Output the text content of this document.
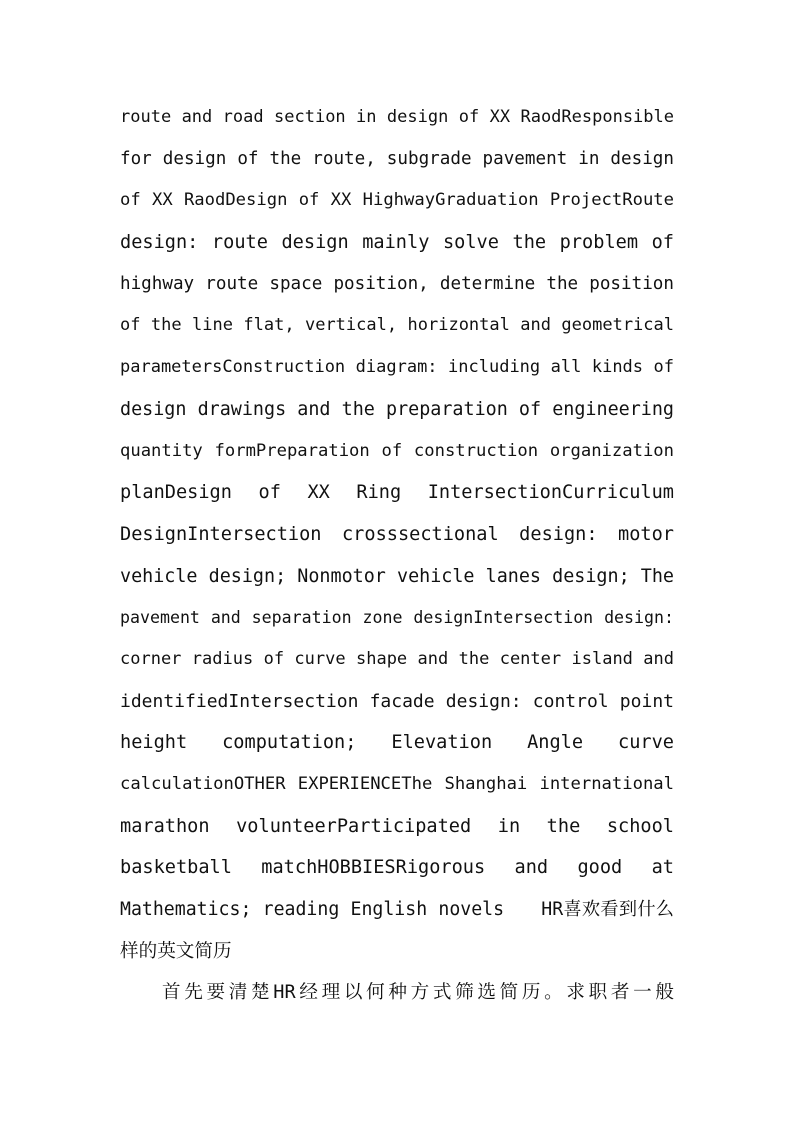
route and road section in design of XX RaodResponsible
for design of the route, subgrade pavement in design
of XX RaodDesign of XX HighwayGraduation ProjectRoute
design: route design mainly solve the problem of
highway route space position, determine the position
of the line flat, vertical, horizontal and geometrical
parametersConstruction diagram: including all kinds of
design drawings and the preparation of engineering
quantity formPreparation of construction organization
planDesign of XX Ring IntersectionCurriculum
DesignIntersection crosssectional design: motor
vehicle design; Nonmotor vehicle lanes design; The
pavement and separation zone designIntersection design:
corner radius of curve shape and the center island and
identifiedIntersection facade design: control point
height computation; Elevation Angle curve
calculationOTHER EXPERIENCEThe Shanghai international
marathon volunteerParticipated in the school
basketball matchHOBBIESRigorous and good at
Mathematics; reading English novels　　HR喜欢看到什么
样的英文简历
首先要清楚HR经理以何种方式筛选简历。求职者一般
